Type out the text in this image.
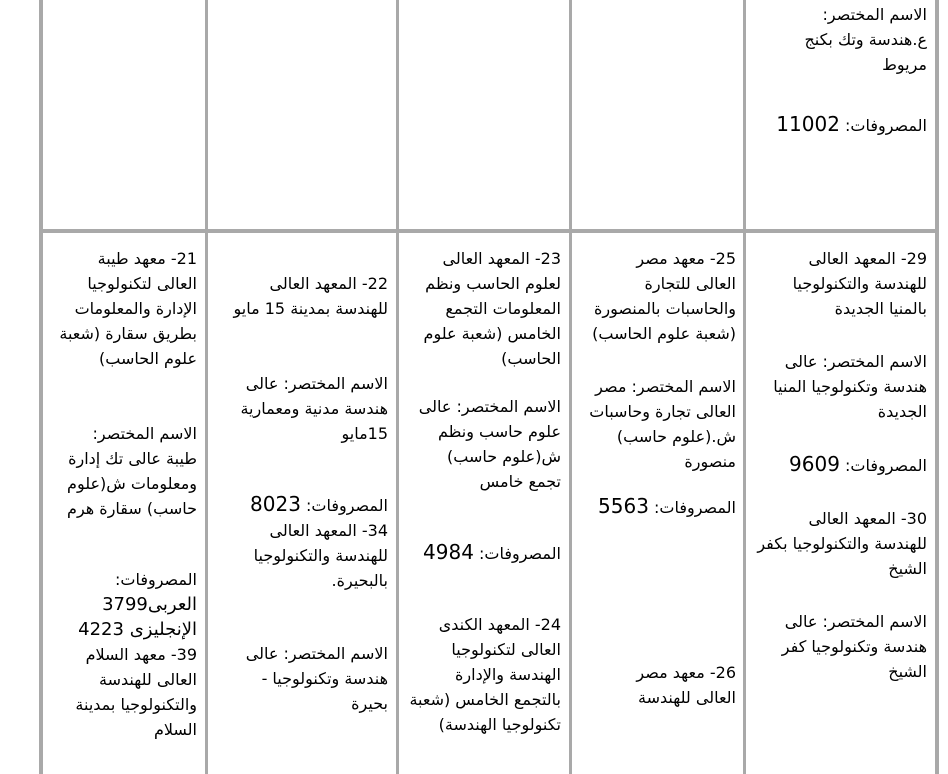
الاسم المختصر:
ع.هندسة وتك بكنج
مريوط
المصروفات: 11002
29- المعهد العالى
للهندسة والتكنولوجيا
بالمنيا الجديدة
الاسم المختصر: عالى
هندسة وتكنولوجيا المنيا
الجديدة
المصروفات: 9609
30- المعهد العالى
للهندسة والتكنولوجيا بكفر
الشيخ
الاسم المختصر: عالى
هندسة وتكنولوجيا كفر
الشيخ
25- معهد مصر
العالى للتجارة
والحاسبات بالمنصورة
(شعبة علوم الحاسب)
الاسم المختصر: مصر
العالى تجارة وحاسبات
ش.(علوم حاسب)
منصورة
المصروفات: 5563
26- معهد مصر
العالى للهندسة
23- المعهد العالى
لعلوم الحاسب ونظم
المعلومات التجمع
الخامس (شعبة علوم
الحاسب)
الاسم المختصر: عالى
علوم حاسب ونظم
ش(علوم حاسب)
تجمع خامس
المصروفات: 4984
24- المعهد الكندى
العالى لتكنولوجيا
الهندسة والإدارة
بالتجمع الخامس (شعبة
تكنولوجيا الهندسة)
22- المعهد العالى
للهندسة بمدينة 15 مايو
الاسم المختصر: عالى
هندسة مدنية ومعمارية
15مايو
المصروفات: 8023
34- المعهد العالى
للهندسة والتكنولوجيا
بالبحيرة.
الاسم المختصر: عالى
هندسة وتكنولوجيا -
بحيرة
21- معهد طيبة
العالى لتكنولوجيا
الإدارة والمعلومات
بطريق سقارة (شعبة
علوم الحاسب)
الاسم المختصر:
طيبة عالى تك إدارة
ومعلومات ش(علوم
حاسب) سقارة هرم
المصروفات:
العربى3799
الإنجليزى 4223
39- معهد السلام
العالى للهندسة
والتكنولوجيا بمدينة
السلام
